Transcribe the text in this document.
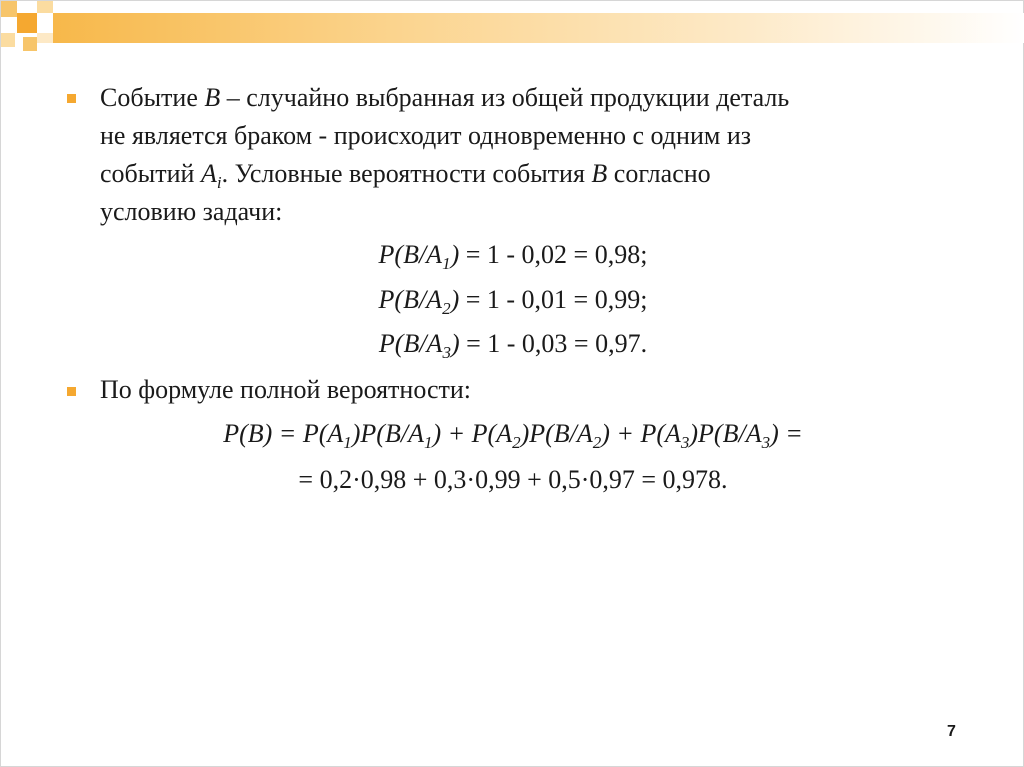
Событие B – случайно выбранная из общей продукции деталь
не является браком - происходит одновременно с одним из
событий $A_i$. Условные вероятности события B согласно
условию задачи:
$P(B/A_1) = 1 - 0,02 = 0,98$;
$P(B/A_2) = 1 - 0,01 = 0,99$;
$P(B/A_3) = 1 - 0,03 = 0,97$.
По формуле полной вероятности:
$P(B) = P(A_1)P(B/A_1) + P(A_2)P(B/A_2) + P(A_3)P(B/A_3)$ =
= 0,2·0,98 + 0,3·0,99 + 0,5·0,97 = 0,978.
7
